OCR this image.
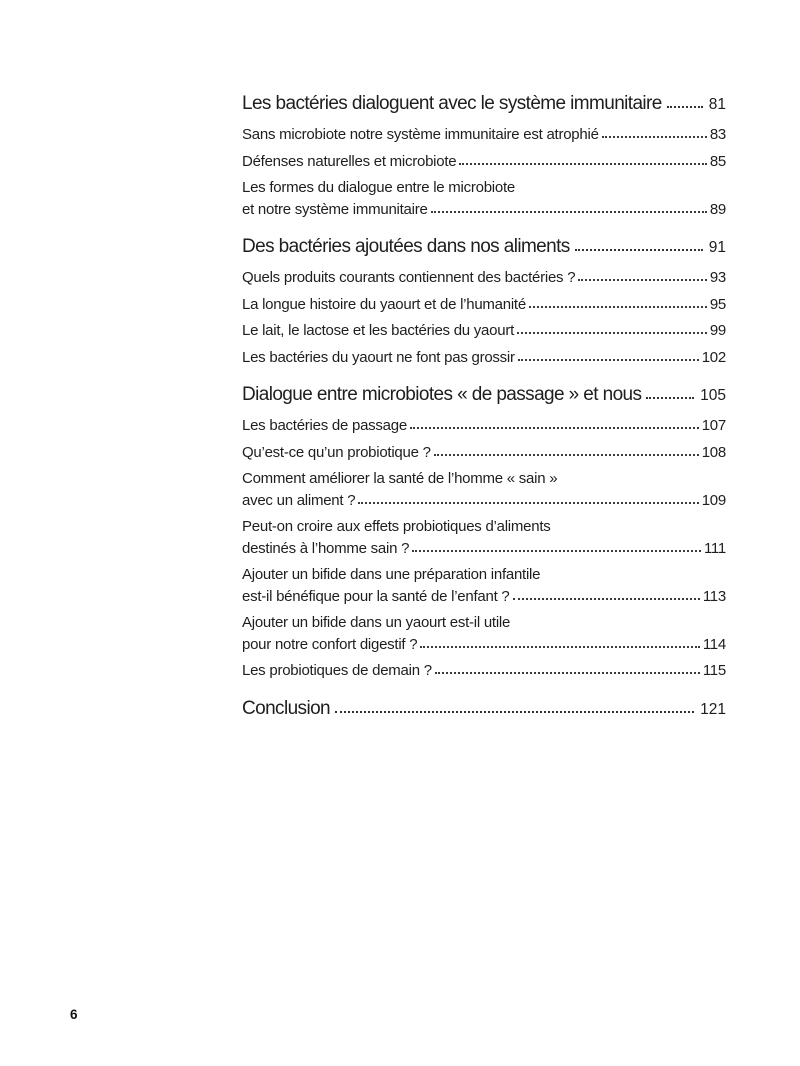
Les bactéries dialoguent avec le système immunitaire	81
Sans microbiote notre système immunitaire est atrophié	83
Défenses naturelles et microbiote	85
Les formes du dialogue entre le microbiote
et notre système immunitaire	89
Des bactéries ajoutées dans nos aliments	91
Quels produits courants contiennent des bactéries ?	93
La longue histoire du yaourt et de l’humanité	95
Le lait, le lactose et les bactéries du yaourt	99
Les bactéries du yaourt ne font pas grossir	102
Dialogue entre microbiotes « de passage » et nous	105
Les bactéries de passage	107
Qu’est-ce qu’un probiotique ?	108
Comment améliorer la santé de l’homme « sain »
avec un aliment ?	109
Peut-on croire aux effets probiotiques d’aliments
destinés à l’homme sain ?	111
Ajouter un bifide dans une préparation infantile
est-il bénéfique pour la santé de l’enfant ?	113
Ajouter un bifide dans un yaourt est-il utile
pour notre confort digestif ?	114
Les probiotiques de demain ?	115
Conclusion	121
6
